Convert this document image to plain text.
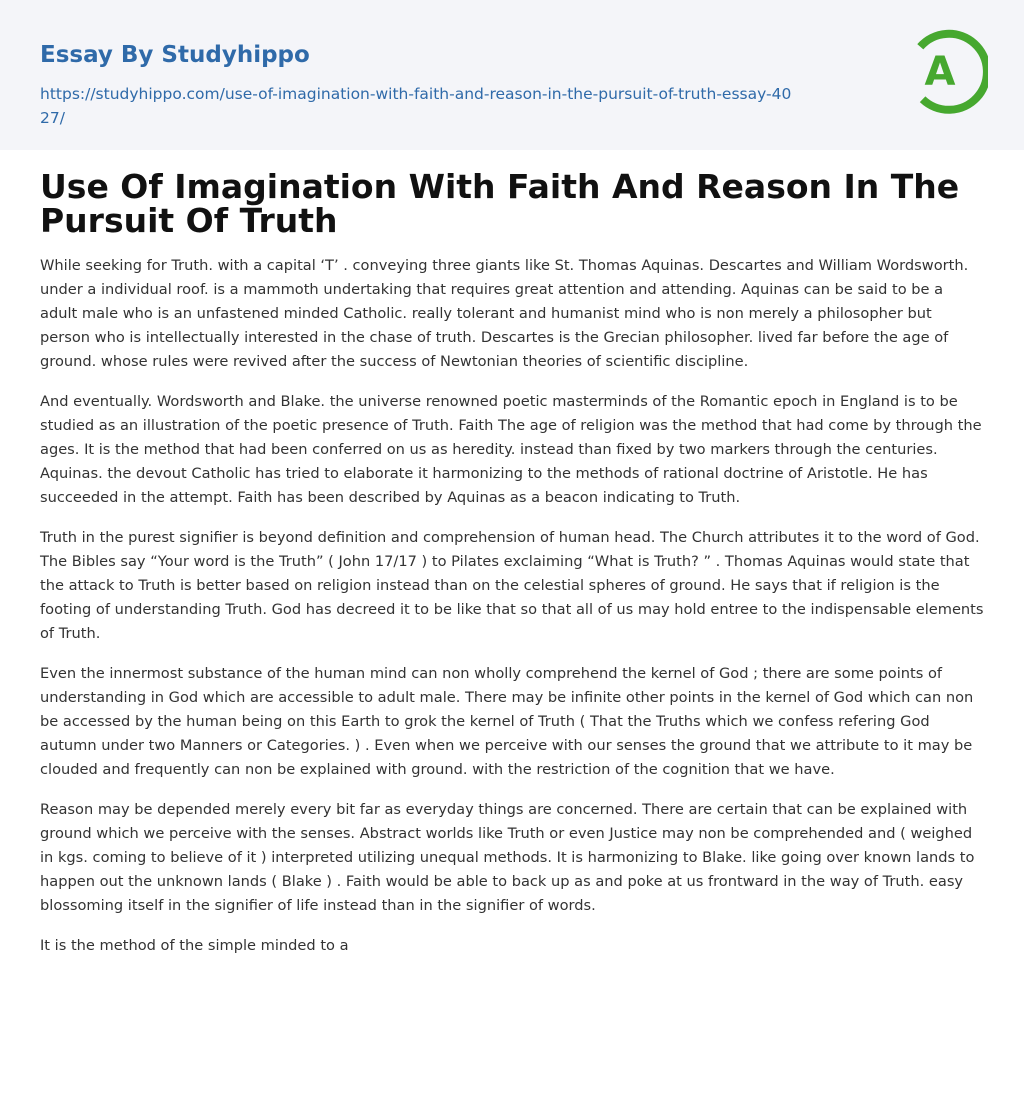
Essay By Studyhippo
https://studyhippo.com/use-of-imagination-with-faith-and-reason-in-the-pursuit-of-truth-essay-4027/
A
Use Of Imagination With Faith And Reason In The Pursuit Of Truth

While seeking for Truth. with a capital ‘T’ . conveying three giants like St. Thomas Aquinas. Descartes and William Wordsworth. under a individual roof. is a mammoth undertaking that requires great attention and attending. Aquinas can be said to be a adult male who is an unfastened minded Catholic. really tolerant and humanist mind who is non merely a philosopher but person who is intellectually interested in the chase of truth. Descartes is the Grecian philosopher. lived far before the age of ground. whose rules were revived after the success of Newtonian theories of scientific discipline.

And eventually. Wordsworth and Blake. the universe renowned poetic masterminds of the Romantic epoch in England is to be studied as an illustration of the poetic presence of Truth. Faith The age of religion was the method that had come by through the ages. It is the method that had been conferred on us as heredity. instead than fixed by two markers through the centuries. Aquinas. the devout Catholic has tried to elaborate it harmonizing to the methods of rational doctrine of Aristotle. He has succeeded in the attempt. Faith has been described by Aquinas as a beacon indicating to Truth.

Truth in the purest signifier is beyond definition and comprehension of human head. The Church attributes it to the word of God. The Bibles say “Your word is the Truth” ( John 17/17 ) to Pilates exclaiming “What is Truth? ” . Thomas Aquinas would state that the attack to Truth is better based on religion instead than on the celestial spheres of ground. He says that if religion is the footing of understanding Truth. God has decreed it to be like that so that all of us may hold entree to the indispensable elements of Truth.

Even the innermost substance of the human mind can non wholly comprehend the kernel of God ; there are some points of understanding in God which are accessible to adult male. There may be infinite other points in the kernel of God which can non be accessed by the human being on this Earth to grok the kernel of Truth ( That the Truths which we confess refering God autumn under two Manners or Categories. ) . Even when we perceive with our senses the ground that we attribute to it may be clouded and frequently can non be explained with ground. with the restriction of the cognition that we have.

Reason may be depended merely every bit far as everyday things are concerned. There are certain that can be explained with ground which we perceive with the senses. Abstract worlds like Truth or even Justice may non be comprehended and ( weighed in kgs. coming to believe of it ) interpreted utilizing unequal methods. It is harmonizing to Blake. like going over known lands to happen out the unknown lands ( Blake ) . Faith would be able to back up as and poke at us frontward in the way of Truth. easy blossoming itself in the signifier of life instead than in the signifier of words.

It is the method of the simple minded to a
